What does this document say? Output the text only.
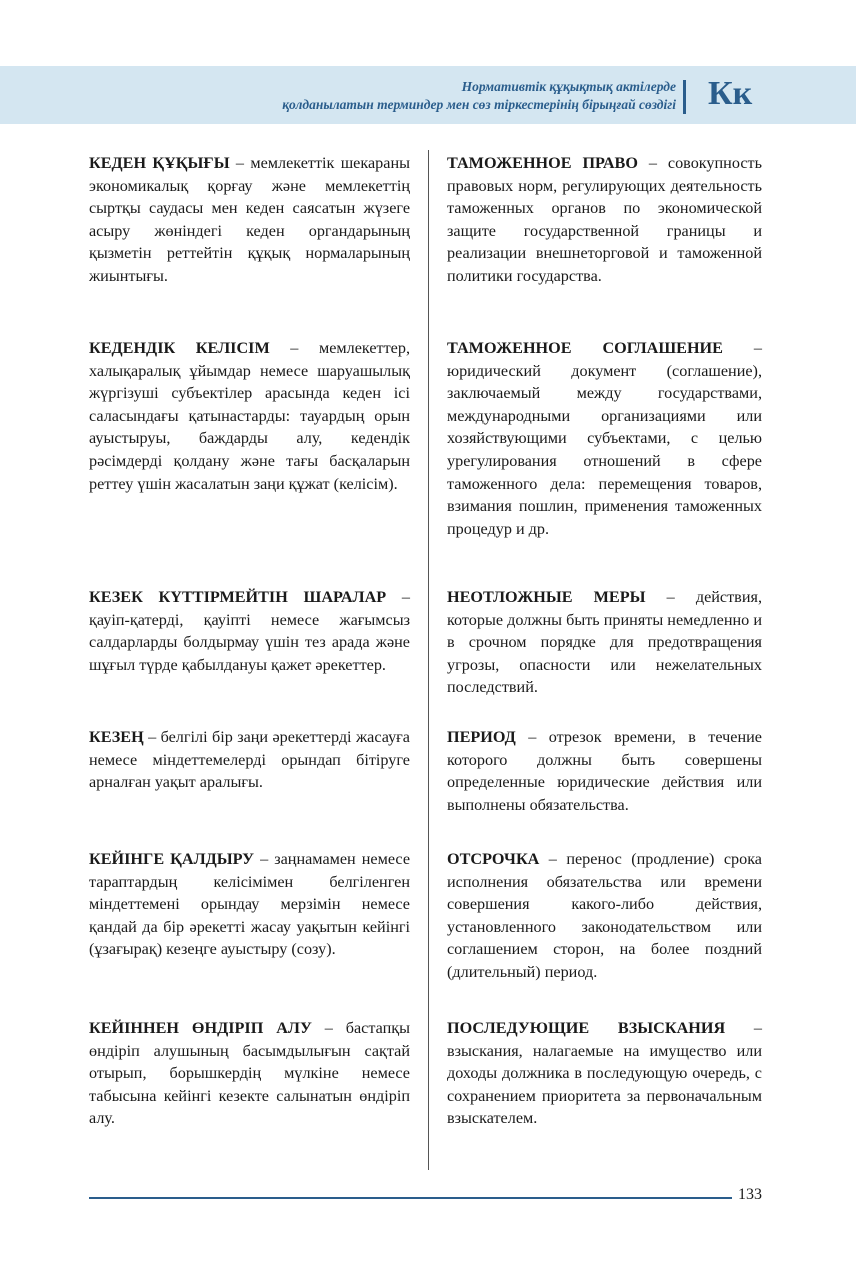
Нормативтік құқықтық актілерде
қолданылатын терминдер мен сөз тіркестерінің бірыңғай сөздігі Кк
КЕДЕН ҚҰҚЫҒЫ – мемлекеттік шекараны экономикалық қорғау және мемлекеттің сыртқы саудасы мен кеден саясатын жүзеге асыру жөніндегі кеден органдарының қызметін реттейтін құқық нормаларының жиынтығы.
ТАМОЖЕННОЕ ПРАВО – совокупность правовых норм, регулирующих деятельность таможенных органов по экономической защите государственной границы и реализации внешнеторговой и таможенной политики государства.
КЕДЕНДІК КЕЛІСІМ – мемлекеттер, халықаралық ұйымдар немесе шаруашылық жүргізуші субъектілер арасында кеден ісі саласындағы қатынастарды: тауардың орын ауыстыруы, баждарды алу, кедендік рәсімдерді қолдану және тағы басқаларын реттеу үшін жасалатын заңи құжат (келісім).
ТАМОЖЕННОЕ СОГЛАШЕНИЕ – юридический документ (соглашение), заключаемый между государствами, международными организациями или хозяйствующими субъектами, с целью урегулирования отношений в сфере таможенного дела: перемещения товаров, взимания пошлин, применения таможенных процедур и др.
КЕЗЕК КҮТТІРМЕЙТІН ШАРАЛАР – қауіп-қатерді, қауіпті немесе жағымсыз салдарларды болдырмау үшін тез арада және шұғыл түрде қабылдануы қажет әрекеттер.
НЕОТЛОЖНЫЕ МЕРЫ – действия, которые должны быть приняты немедленно и в срочном порядке для предотвращения угрозы, опасности или нежелательных последствий.
КЕЗЕҢ – белгілі бір заңи әрекеттерді жасауға немесе міндеттемелерді орындап бітіруге арналған уақыт аралығы.
ПЕРИОД – отрезок времени, в течение которого должны быть совершены определенные юридические действия или выполнены обязательства.
КЕЙІНГЕ ҚАЛДЫРУ – заңнамамен немесе тараптардың келісімімен белгіленген міндеттемені орындау мерзімін немесе қандай да бір әрекетті жасау уақытын кейінгі (ұзағырақ) кезеңге ауыстыру (созу).
ОТСРОЧКА – перенос (продление) срока исполнения обязательства или времени совершения какого-либо действия, установленного законодательством или соглашением сторон, на более поздний (длительный) период.
КЕЙІННЕН ӨНДІРІП АЛУ – бастапқы өндіріп алушының басымдылығын сақтай отырып, борышкердің мүлкіне немесе табысына кейінгі кезекте салынатын өндіріп алу.
ПОСЛЕДУЮЩИЕ ВЗЫСКАНИЯ – взыскания, налагаемые на имущество или доходы должника в последующую очередь, с сохранением приоритета за первоначальным взыскателем.
133
